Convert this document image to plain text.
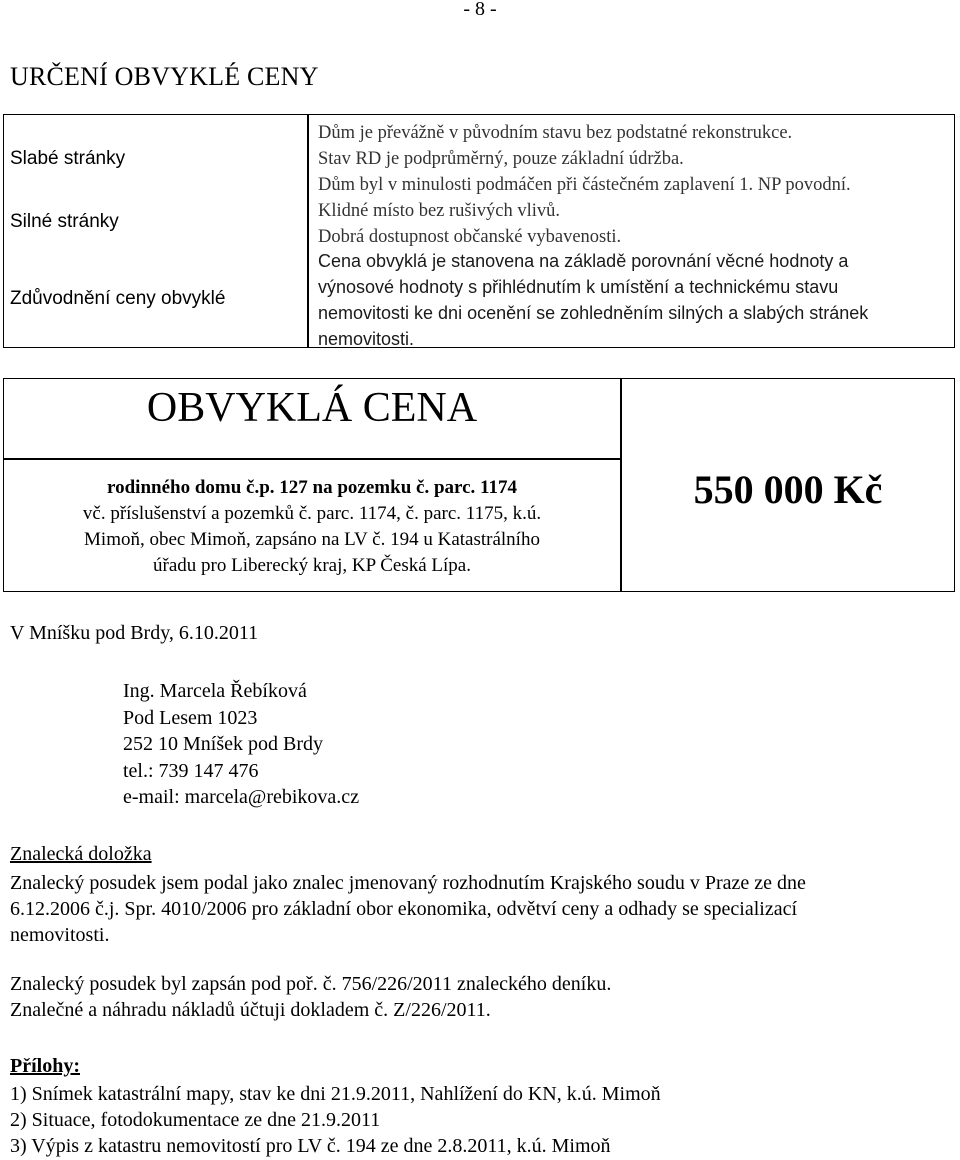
- 8 -
URČENÍ OBVYKLÉ CENY
Slabé stránky
Silné stránky
Zdůvodnění ceny obvyklé
Dům je převážně v původním stavu bez podstatné rekonstrukce.
Stav RD je podprůměrný, pouze základní údržba.
Dům byl v minulosti podmáčen při částečném zaplavení 1. NP povodní.
Klidné místo bez rušivých vlivů.
Dobrá dostupnost občanské vybavenosti.
Cena obvyklá je stanovena na základě porovnání věcné hodnoty a
výnosové hodnoty s přihlédnutím k umístění a technickému stavu
nemovitosti ke dni ocenění se zohledněním silných a slabých stránek
nemovitosti.
OBVYKLÁ CENA
rodinného domu č.p. 127 na pozemku č. parc. 1174
vč. příslušenství a pozemků č. parc. 1174, č. parc. 1175, k.ú.
Mimoň, obec Mimoň, zapsáno na LV č. 194 u Katastrálního
úřadu pro Liberecký kraj, KP Česká Lípa.
550 000 Kč
V Mníšku pod Brdy, 6.10.2011
Ing. Marcela Řebíková
Pod Lesem 1023
252 10 Mníšek pod Brdy
tel.: 739 147 476
e-mail: marcela@rebikova.cz
Znalecká doložka
Znalecký posudek jsem podal jako znalec jmenovaný rozhodnutím Krajského soudu v Praze ze dne
6.12.2006 č.j. Spr. 4010/2006 pro základní obor ekonomika, odvětví ceny a odhady se specializací
nemovitosti.
Znalecký posudek byl zapsán pod poř. č. 756/226/2011 znaleckého deníku.
Znalečné a náhradu nákladů účtuji dokladem č. Z/226/2011.
Přílohy:
1) Snímek katastrální mapy, stav ke dni 21.9.2011, Nahlížení do KN, k.ú. Mimoň
2) Situace, fotodokumentace ze dne 21.9.2011
3) Výpis z katastru nemovitostí pro LV č. 194 ze dne 2.8.2011, k.ú. Mimoň
